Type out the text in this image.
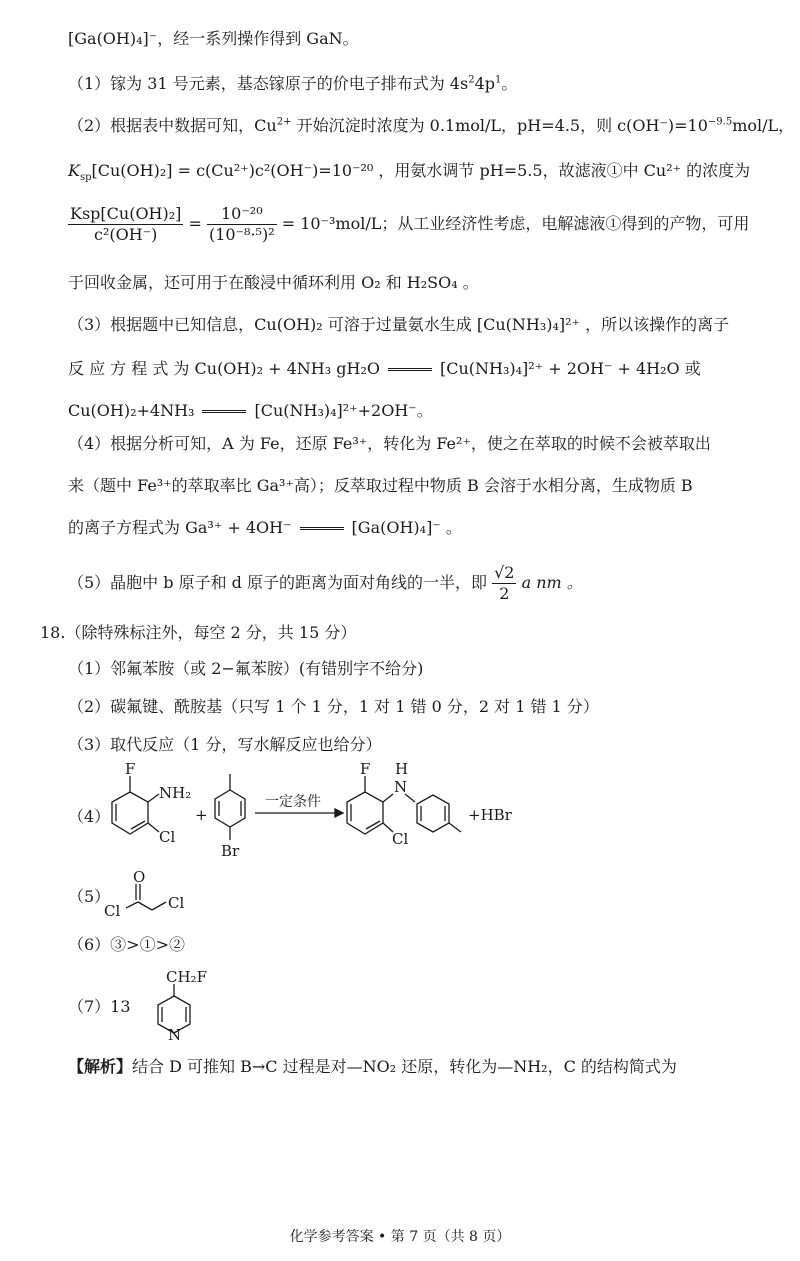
[Ga(OH)₄]⁻，经一系列操作得到 GaN。
（1）镓为 31 号元素，基态镓原子的价电子排布式为 $4s^24p^1$。
（2）根据表中数据可知，$Cu^{2+}$ 开始沉淀时浓度为 0.1mol/L，pH=4.5，则 $c(OH^-)=10^{-9.5}mol/L$，
$K_{sp}[Cu(OH)_2] = c(Cu^{2+})c^2(OH^-)=10^{-20}$ ，用氨水调节 pH=5.5，故滤液①中 Cu²⁺ 的浓度为
$\frac{\text{Ksp[Cu(OH)₂]}}{\text{c²(OH⁻)}} = \frac{\text{10⁻²⁰}}{\text{(10⁻⁸·⁵)²}} = 10^{-3}mol/L$；从工业经济性考虑，电解滤液①得到的产物，可用
于回收金属，还可用于在酸浸中循环利用 O₂ 和 H₂SO₄ 。
（3）根据题中已知信息，Cu(OH)₂ 可溶于过量氨水生成 [Cu(NH₃)₄]²⁺ ，所以该操作的离子
反 应 方 程 式 为 Cu(OH)₂ + 4NH₃ gH₂O	[Cu(NH₃)₄]²⁺ + 2OH⁻ + 4H₂O 或
Cu(OH)₂+4NH₃	[Cu(NH₃)₄]²⁺+2OH⁻。
（4）根据分析可知，A 为 Fe，还原 Fe³⁺，转化为 Fe²⁺，使之在萃取的时候不会被萃取出
来（题中 Fe³⁺的萃取率比 Ga³⁺高）；反萃取过程中物质 B 会溶于水相分离，生成物质 B
的离子方程式为 Ga³⁺ + 4OH⁻	[Ga(OH)₄]⁻ 。
（5）晶胞中 b 原子和 d 原子的距离为面对角线的一半，即 $\frac{√2}{2}$ a nm 。
18.（除特殊标注外，每空 2 分，共 15 分）
（1）邻氟苯胺（或 2−氟苯胺）(有错别字不给分)
（2）碳氟键、酰胺基（只写 1 个 1 分，1 对 1 错 0 分，2 对 1 错 1 分）
（3）取代反应（1 分，写水解反应也给分）
（4）
F
NH₂
Cl
+
Br
一定条件
F H
N
Cl
+HBr
（5）
O
Cl	Cl
（6）③>①>②
（7）13
CH₂F
N
【解析】结合 D 可推知 B→C 过程是对—NO₂ 还原，转化为—NH₂，C 的结构简式为
化学参考答案 • 第 7 页（共 8 页）
